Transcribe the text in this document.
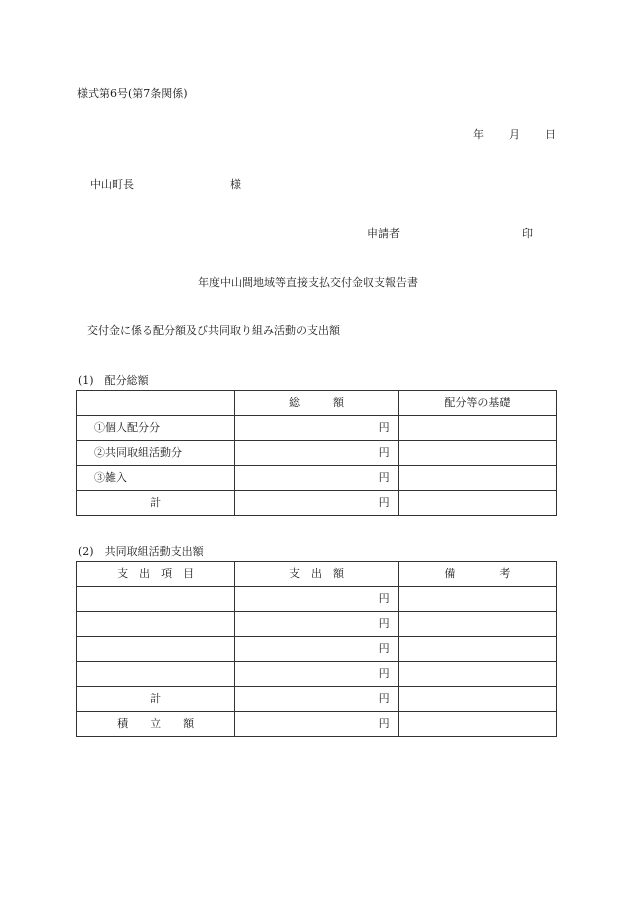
様式第6号(第7条関係)
年 月 日
中山町長	様
申請者	印
年度中山間地域等直接支払交付金収支報告書
交付金に係る配分額及び共同取り組み活動の支出額
(1)　配分総額
	総　　　額	配分等の基礎
①個人配分分	円	
②共同取組活動分	円	
③雑入	円	
計	円	
(2)　共同取組活動支出額
支　出　項　目	支　出　額	備　　　　考
	円	
	円	
	円	
	円	
計	円	
積　　立　　額	円	
